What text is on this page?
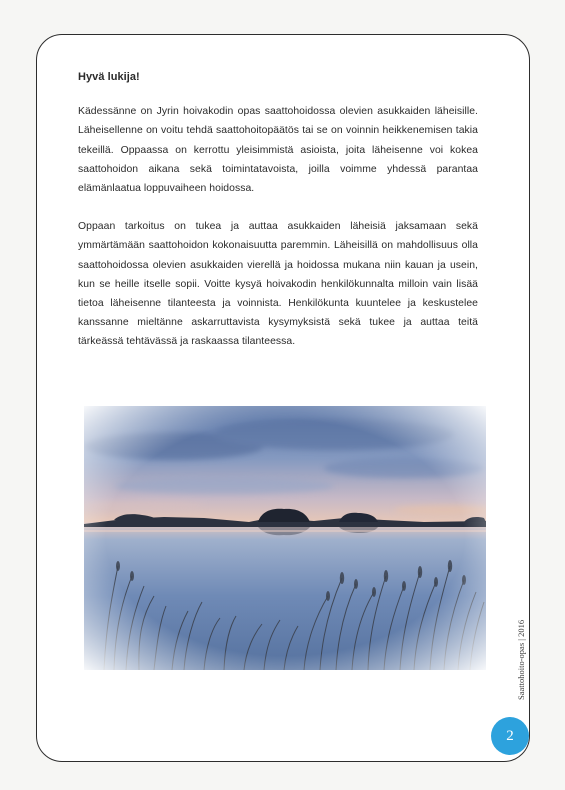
Hyvä lukija!

Kädessänne on Jyrin hoivakodin opas saattohoidossa olevien asukkaiden läheisille. Läheisellenne on voitu tehdä saattohoitopäätös tai se on voinnin heikkenemisen takia tekeillä. Oppaassa on kerrottu yleisimmistä asioista, joita läheisenne voi kokea saattohoidon aikana sekä toimintatavoista, joilla voimme yhdessä parantaa elämänlaatua loppuvaiheen hoidossa.

Oppaan tarkoitus on tukea ja auttaa asukkaiden läheisiä jaksamaan sekä ymmärtämään saattohoidon kokonaisuutta paremmin. Läheisillä on mahdollisuus olla saattohoidossa olevien asukkaiden vierellä ja hoidossa mukana niin kauan ja usein, kun se heille itselle sopii. Voitte kysyä hoivakodin henkilökunnalta milloin vain lisää tietoa läheisenne tilanteesta ja voinnista. Henkilökunta kuuntelee ja keskustelee kanssanne mieltänne askarruttavista kysymyksistä sekä tukee ja auttaa teitä tärkeässä tehtävässä ja raskaassa tilanteessa.

Saattohoito-opas | 2016
2
